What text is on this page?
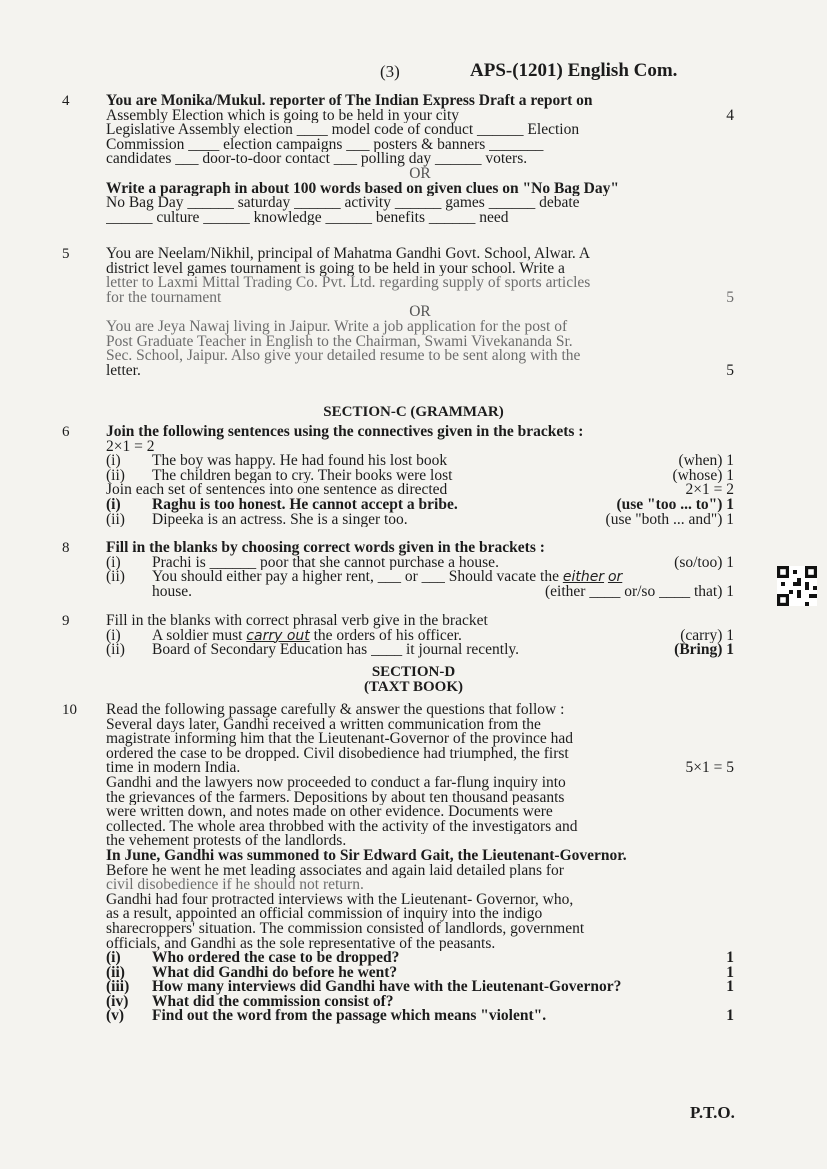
(3)	APS-(1201) English Com.
4 You are Monika/Mukul. reporter of The Indian Express Draft a report on
Assembly Election which is going to be held in your city	4
Legislative Assembly election ____ model code of conduct ______ Election
Commission ____ election campaigns ___ posters & banners _______
candidates ___ door-to-door contact ___ polling day ______ voters.
OR
Write a paragraph in about 100 words based on given clues on "No Bag Day"
No Bag Day ______ saturday ______ activity ______ games ______ debate
______ culture ______ knowledge ______ benefits ______ need
5 You are Neelam/Nikhil, principal of Mahatma Gandhi Govt. School, Alwar. A
district level games tournament is going to be held in your school. Write a
letter to Laxmi Mittal Trading Co. Pvt. Ltd. regarding supply of sports articles
for the tournament	5
OR
You are Jeya Nawaj living in Jaipur. Write a job application for the post of
Post Graduate Teacher in English to the Chairman, Swami Vivekananda Sr.
Sec. School, Jaipur. Also give your detailed resume to be sent along with the
letter.	5
SECTION-C (GRAMMAR)
6 Join the following sentences using the connectives given in the brackets :
2×1 = 2
(i) The boy was happy. He had found his lost book	(when) 1
(ii) The children began to cry. Their books were lost	(whose) 1
Join each set of sentences into one sentence as directed	2×1 = 2
(i) Raghu is too honest. He cannot accept a bribe.	(use "too ... to") 1
(ii) Dipeeka is an actress. She is a singer too.	(use "both ... and") 1
8 Fill in the blanks by choosing correct words given in the brackets :
(i) Prachi is ______ poor that she cannot purchase a house.	(so/too) 1
(ii) You should either pay a higher rent, ___ or ___ Should vacate the either or
house.	(either ____ or/so ____ that) 1
9 Fill in the blanks with correct phrasal verb give in the bracket
(i) A soldier must carry out the orders of his officer.	(carry) 1
(ii) Board of Secondary Education has ____ it journal recently.	(Bring) 1
SECTION-D
(TAXT BOOK)
10 Read the following passage carefully & answer the questions that follow :
Several days later, Gandhi received a written communication from the
magistrate informing him that the Lieutenant-Governor of the province had
ordered the case to be dropped. Civil disobedience had triumphed, the first
time in modern India.	5×1 = 5
Gandhi and the lawyers now proceeded to conduct a far-flung inquiry into
the grievances of the farmers. Depositions by about ten thousand peasants
were written down, and notes made on other evidence. Documents were
collected. The whole area throbbed with the activity of the investigators and
the vehement protests of the landlords.
In June, Gandhi was summoned to Sir Edward Gait, the Lieutenant-Governor.
Before he went he met leading associates and again laid detailed plans for
civil disobedience if he should not return.
Gandhi had four protracted interviews with the Lieutenant- Governor, who,
as a result, appointed an official commission of inquiry into the indigo
sharecroppers' situation. The commission consisted of landlords, government
officials, and Gandhi as the sole representative of the peasants.
(i) Who ordered the case to be dropped?	1
(ii) What did Gandhi do before he went?	1
(iii) How many interviews did Gandhi have with the Lieutenant-Governor?	1
(iv) What did the commission consist of?
(v) Find out the word from the passage which means "violent".	1
P.T.O.
